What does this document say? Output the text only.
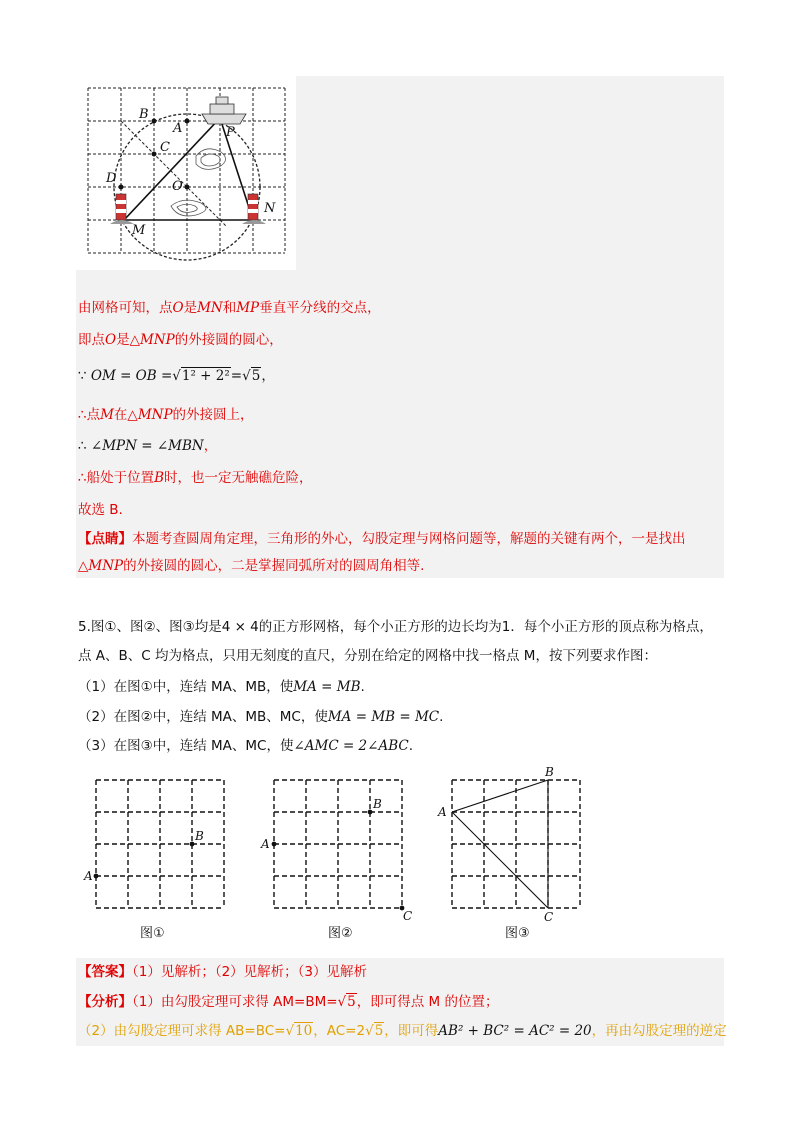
B
A	P
C
D
O
N
M
由网格可知，点O是MN和MP垂直平分线的交点，
即点O是△MNP的外接圆的圆心，
∵ OM = OB =√1² + 2²=√5，
∴点M在△MNP的外接圆上，
∴ ∠MPN = ∠MBN，
∴船处于位置B时，也一定无触礁危险，
故选 B.
【点睛】本题考查圆周角定理，三角形的外心，勾股定理与网格问题等，解题的关键有两个，一是找出
△MNP的外接圆的圆心，二是掌握同弧所对的圆周角相等.
5.图①、图②、图③均是4 × 4的正方形网格，每个小正方形的边长均为1．每个小正方形的顶点称为格点，
点 A、B、C 均为格点，只用无刻度的直尺，分别在给定的网格中找一格点 M，按下列要求作图：
（1）在图①中，连结 MA、MB，使MA = MB.
（2）在图②中，连结 MA、MB、MC，使MA = MB = MC.
（3）在图③中，连结 MA、MC，使∠AMC = 2∠ABC.
A
B
图①
A
B
C
图②
A
B
C
图③
【答案】（1）见解析；（2）见解析；（3）见解析
【分析】（1）由勾股定理可求得 AM=BM=√5，即可得点 M 的位置；
（2）由勾股定理可求得 AB=BC=√10，AC=2√5，即可得AB² + BC² = AC² = 20，再由勾股定理的逆定
